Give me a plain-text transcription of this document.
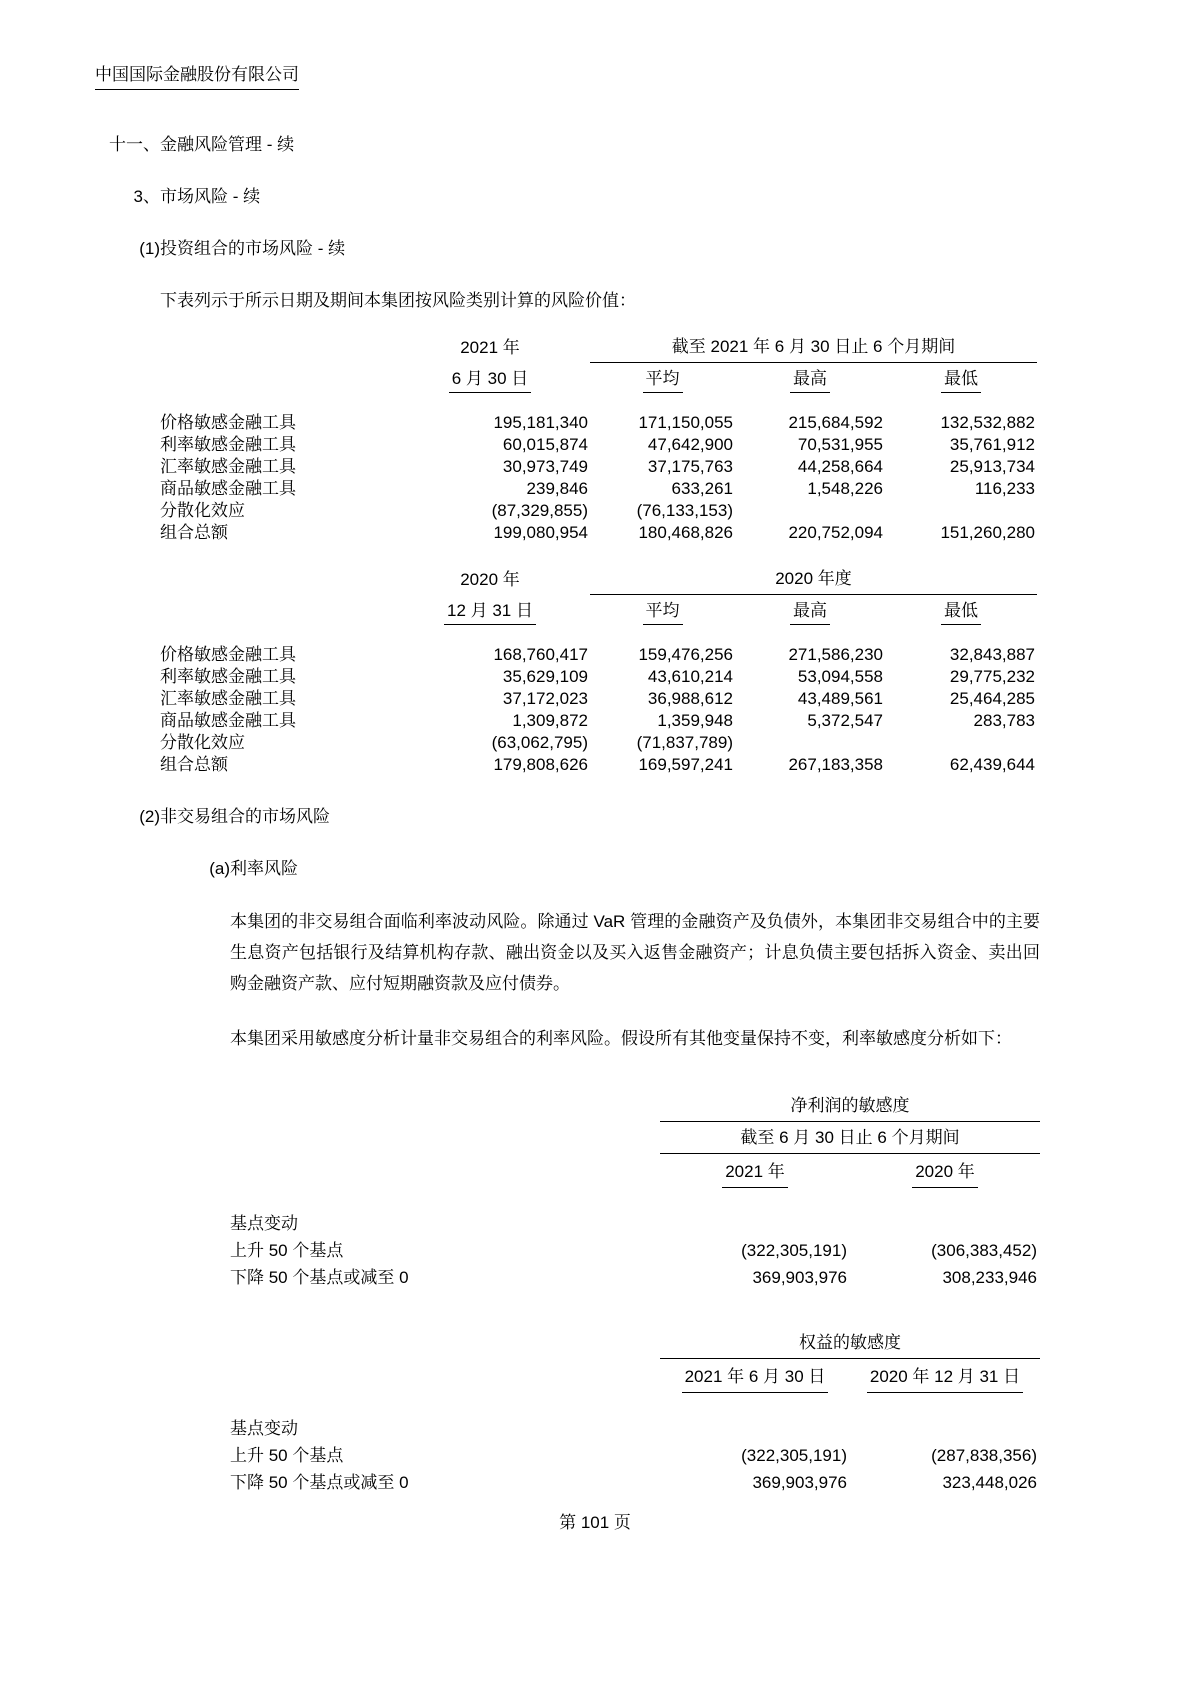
中国国际金融股份有限公司
十一、 金融风险管理 - 续
3、 市场风险 - 续
(1) 投资组合的市场风险 - 续

下表列示于所示日期及期间本集团按风险类别计算的风险价值：

	2021 年	截至 2021 年 6 月 30 日止 6 个月期间		
	6 月 30 日	平均	最高	最低
价格敏感金融工具	195,181,340	171,150,055	215,684,592	132,532,882
利率敏感金融工具	60,015,874	47,642,900	70,531,955	35,761,912
汇率敏感金融工具	30,973,749	37,175,763	44,258,664	25,913,734
商品敏感金融工具	239,846	633,261	1,548,226	116,233
分散化效应	(87,329,855)	(76,133,153)		
组合总额	199,080,954	180,468,826	220,752,094	151,260,280
	2020 年	2020 年度		
	12 月 31 日	平均	最高	最低
价格敏感金融工具	168,760,417	159,476,256	271,586,230	32,843,887
利率敏感金融工具	35,629,109	43,610,214	53,094,558	29,775,232
汇率敏感金融工具	37,172,023	36,988,612	43,489,561	25,464,285
商品敏感金融工具	1,309,872	1,359,948	5,372,547	283,783
分散化效应	(63,062,795)	(71,837,789)		
组合总额	179,808,626	169,597,241	267,183,358	62,439,644
(2) 非交易组合的市场风险
(a) 利率风险

本集团的非交易组合面临利率波动风险。除通过 VaR 管理的金融资产及负债外，本集团非交易组合中的主要生息资产包括银行及结算机构存款、融出资金以及买入返售金融资产；计息负债主要包括拆入资金、卖出回购金融资产款、应付短期融资款及应付债券。

本集团采用敏感度分析计量非交易组合的利率风险。假设所有其他变量保持不变，利率敏感度分析如下：

	净利润的敏感度	
	截至 6 月 30 日止 6 个月期间	
	2021 年	2020 年
基点变动		
上升 50 个基点	(322,305,191)	(306,383,452)
下降 50 个基点或减至 0	369,903,976	308,233,946
	权益的敏感度	
	2021 年 6 月 30 日	2020 年 12 月 31 日
基点变动		
上升 50 个基点	(322,305,191)	(287,838,356)
下降 50 个基点或减至 0	369,903,976	323,448,026
第 101 页
